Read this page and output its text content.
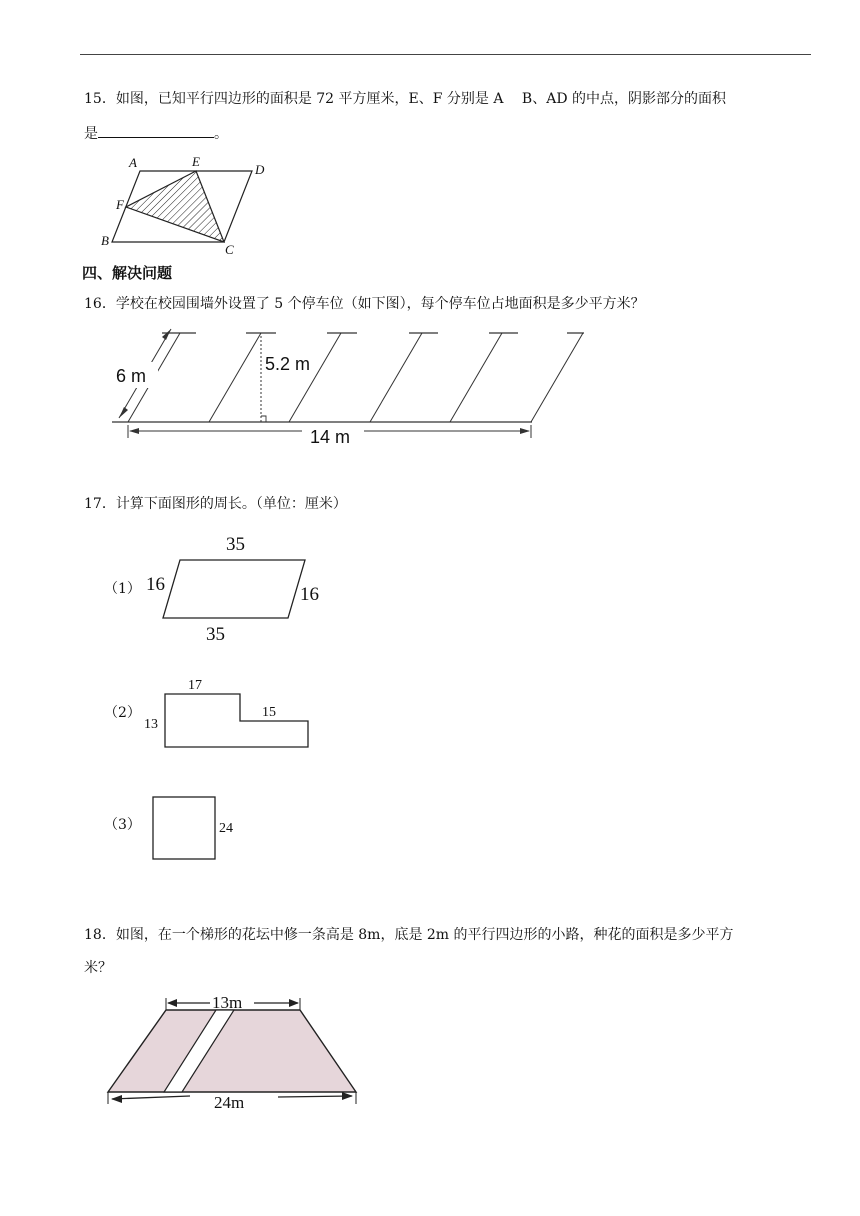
15．如图，已知平行四边形的面积是 72 平方厘米，E、F 分别是 A　 B、AD 的中点，阴影部分的面积
是	。
A	E
D
F
B
C
四、解决问题
16．学校在校园围墙外设置了 5 个停车位（如下图），每个停车位占地面积是多少平方米？
6 m
5.2 m
14 m
17．计算下面图形的周长。（单位：厘米）
（1）
（2）
（3）
35
35
16	16
17
15
13
24
18．如图，在一个梯形的花坛中修一条高是 8m，底是 2m 的平行四边形的小路，种花的面积是多少平方
米？
13m
24m
